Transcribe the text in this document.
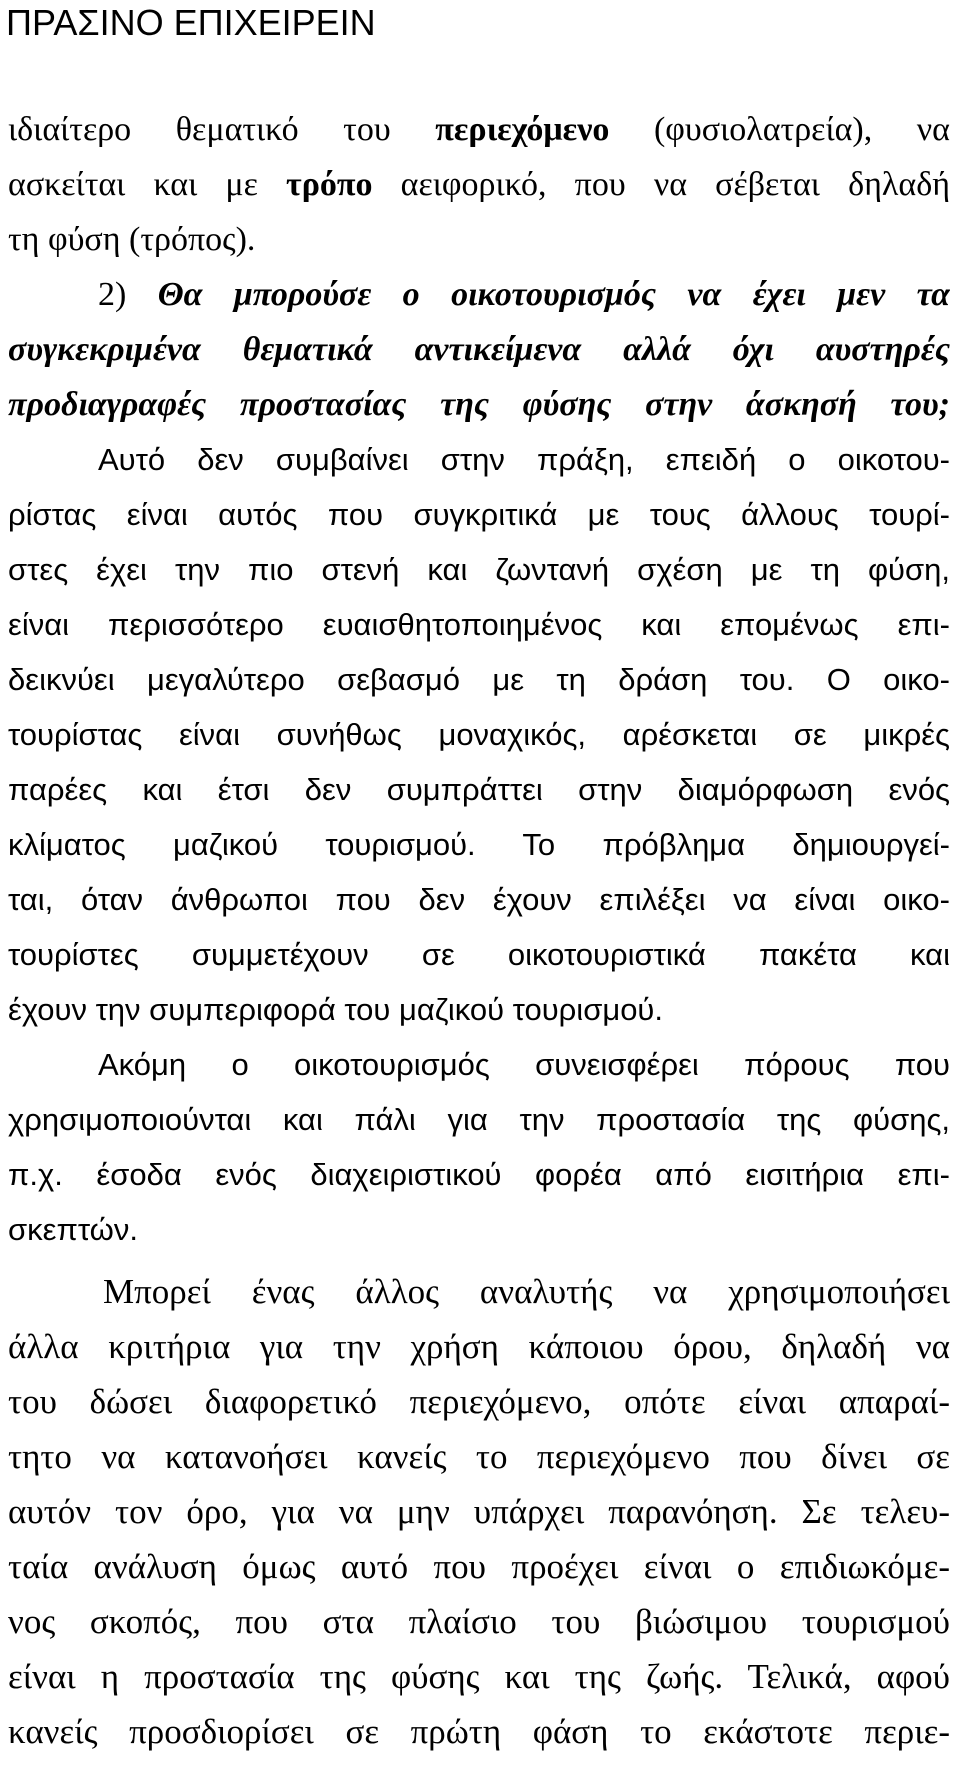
ΠΡΑΣΙΝΟ ΕΠΙΧΕΙΡΕΙΝ

ιδιαίτερο θεματικό του περιεχόμενο (φυσιολατρεία), να

ασκείται και με τρόπο αειφορικό, που να σέβεται δηλαδή

τη φύση (τρόπος).

2) Θα μπορούσε ο οικοτουρισμός να έχει μεν τα

συγκεκριμένα θεματικά αντικείμενα αλλά όχι αυστηρές

προδιαγραφές προστασίας της φύσης στην άσκησή του;

Αυτό δεν συμβαίνει στην πράξη, επειδή ο οικοτου-

ρίστας είναι αυτός που συγκριτικά με τους άλλους τουρί-

στες έχει την πιο στενή και ζωντανή σχέση με τη φύση,

είναι περισσότερο ευαισθητοποιημένος και επομένως επι-

δεικνύει μεγαλύτερο σεβασμό με τη δράση του. Ο οικο-

τουρίστας είναι συνήθως μοναχικός, αρέσκεται σε μικρές

παρέες και έτσι δεν συμπράττει στην διαμόρφωση ενός

κλίματος μαζικού τουρισμού. Το πρόβλημα δημιουργεί-

ται, όταν άνθρωποι που δεν έχουν επιλέξει να είναι οικο-

τουρίστες συμμετέχουν σε οικοτουριστικά πακέτα και

έχουν την συμπεριφορά του μαζικού τουρισμού.

Ακόμη ο οικοτουρισμός συνεισφέρει πόρους που

χρησιμοποιούνται και πάλι για την προστασία της φύσης,

π.χ. έσοδα ενός διαχειριστικού φορέα από εισιτήρια επι-

σκεπτών.

Μπορεί ένας άλλος αναλυτής να χρησιμοποιήσει

άλλα κριτήρια για την χρήση κάποιου όρου, δηλαδή να

του δώσει διαφορετικό περιεχόμενο, οπότε είναι απαραί-

τητο να κατανοήσει κανείς το περιεχόμενο που δίνει σε

αυτόν τον όρο, για να μην υπάρχει παρανόηση. Σε τελευ-

ταία ανάλυση όμως αυτό που προέχει είναι ο επιδιωκόμε-

νος σκοπός, που στα πλαίσιο του βιώσιμου τουρισμού

είναι η προστασία της φύσης και της ζωής. Τελικά, αφού

κανείς προσδιορίσει σε πρώτη φάση το εκάστοτε περιε-
